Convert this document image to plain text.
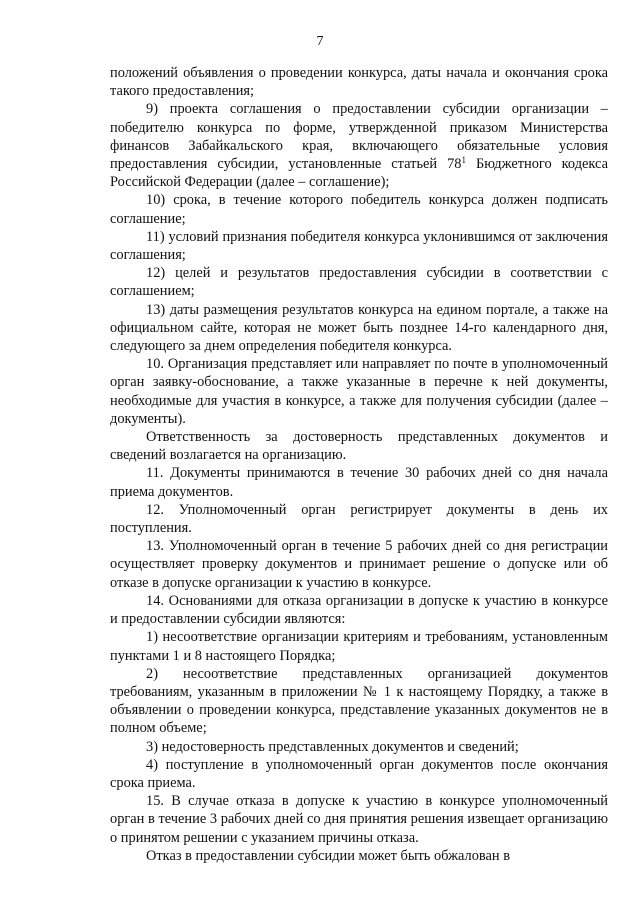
7

положений объявления о проведении конкурса, даты начала и окончания срока такого предоставления;

9) проекта соглашения о предоставлении субсидии организации – победителю конкурса по форме, утвержденной приказом Министерства финансов Забайкальского края, включающего обязательные условия предоставления субсидии, установленные статьей $78^1$ Бюджетного кодекса Российской Федерации (далее – соглашение);

10) срока, в течение которого победитель конкурса должен подписать соглашение;

11) условий признания победителя конкурса уклонившимся от заключения соглашения;

12) целей и результатов предоставления субсидии в соответствии с соглашением;

13) даты размещения результатов конкурса на едином портале, а также на официальном сайте, которая не может быть позднее 14-го календарного дня, следующего за днем определения победителя конкурса.

10. Организация представляет или направляет по почте в уполномоченный орган заявку-обоснование, а также указанные в перечне к ней документы, необходимые для участия в конкурсе, а также для получения субсидии (далее – документы).

Ответственность за достоверность представленных документов и сведений возлагается на организацию.

11. Документы принимаются в течение 30 рабочих дней со дня начала приема документов.

12. Уполномоченный орган регистрирует документы в день их поступления.

13. Уполномоченный орган в течение 5 рабочих дней со дня регистрации осуществляет проверку документов и принимает решение о допуске или об отказе в допуске организации к участию в конкурсе.

14. Основаниями для отказа организации в допуске к участию в конкурсе и предоставлении субсидии являются:

1) несоответствие организации критериям и требованиям, установленным пунктами 1 и 8 настоящего Порядка;

2) несоответствие представленных организацией документов требованиям, указанным в приложении № 1 к настоящему Порядку, а также в объявлении о проведении конкурса, представление указанных документов не в полном объеме;

3) недостоверность представленных документов и сведений;

4) поступление в уполномоченный орган документов после окончания срока приема.

15. В случае отказа в допуске к участию в конкурсе уполномоченный орган в течение 3 рабочих дней со дня принятия решения извещает организацию о принятом решении с указанием причины отказа.

Отказ в предоставлении субсидии может быть обжалован в
